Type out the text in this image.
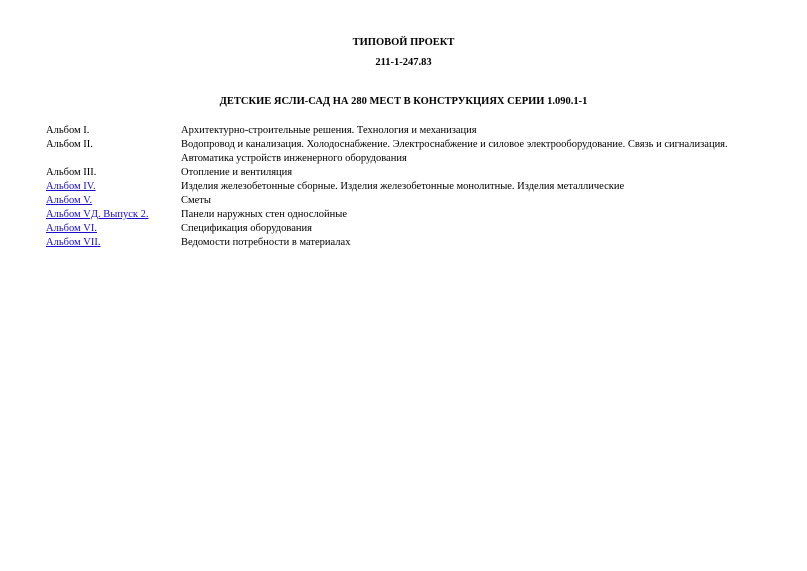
ТИПОВОЙ ПРОЕКТ
211-1-247.83
ДЕТСКИЕ ЯСЛИ-САД НА 280 МЕСТ В КОНСТРУКЦИЯХ СЕРИИ 1.090.1-1
Альбом I.	Архитектурно-строительные решения. Технология и механизация
Альбом II.	Водопровод и канализация. Холодоснабжение. Электроснабжение и силовое электрооборудование. Связь и сигнализация. Автоматика устройств инженерного оборудования
Альбом III.	Отопление и вентиляция
Альбом IV.	Изделия железобетонные сборные. Изделия железобетонные монолитные. Изделия металлические
Альбом V.	Сметы
Альбом VД. Выпуск 2.	Панели наружных стен однослойные
Альбом VI.	Спецификация оборудования
Альбом VII.	Ведомости потребности в материалах
